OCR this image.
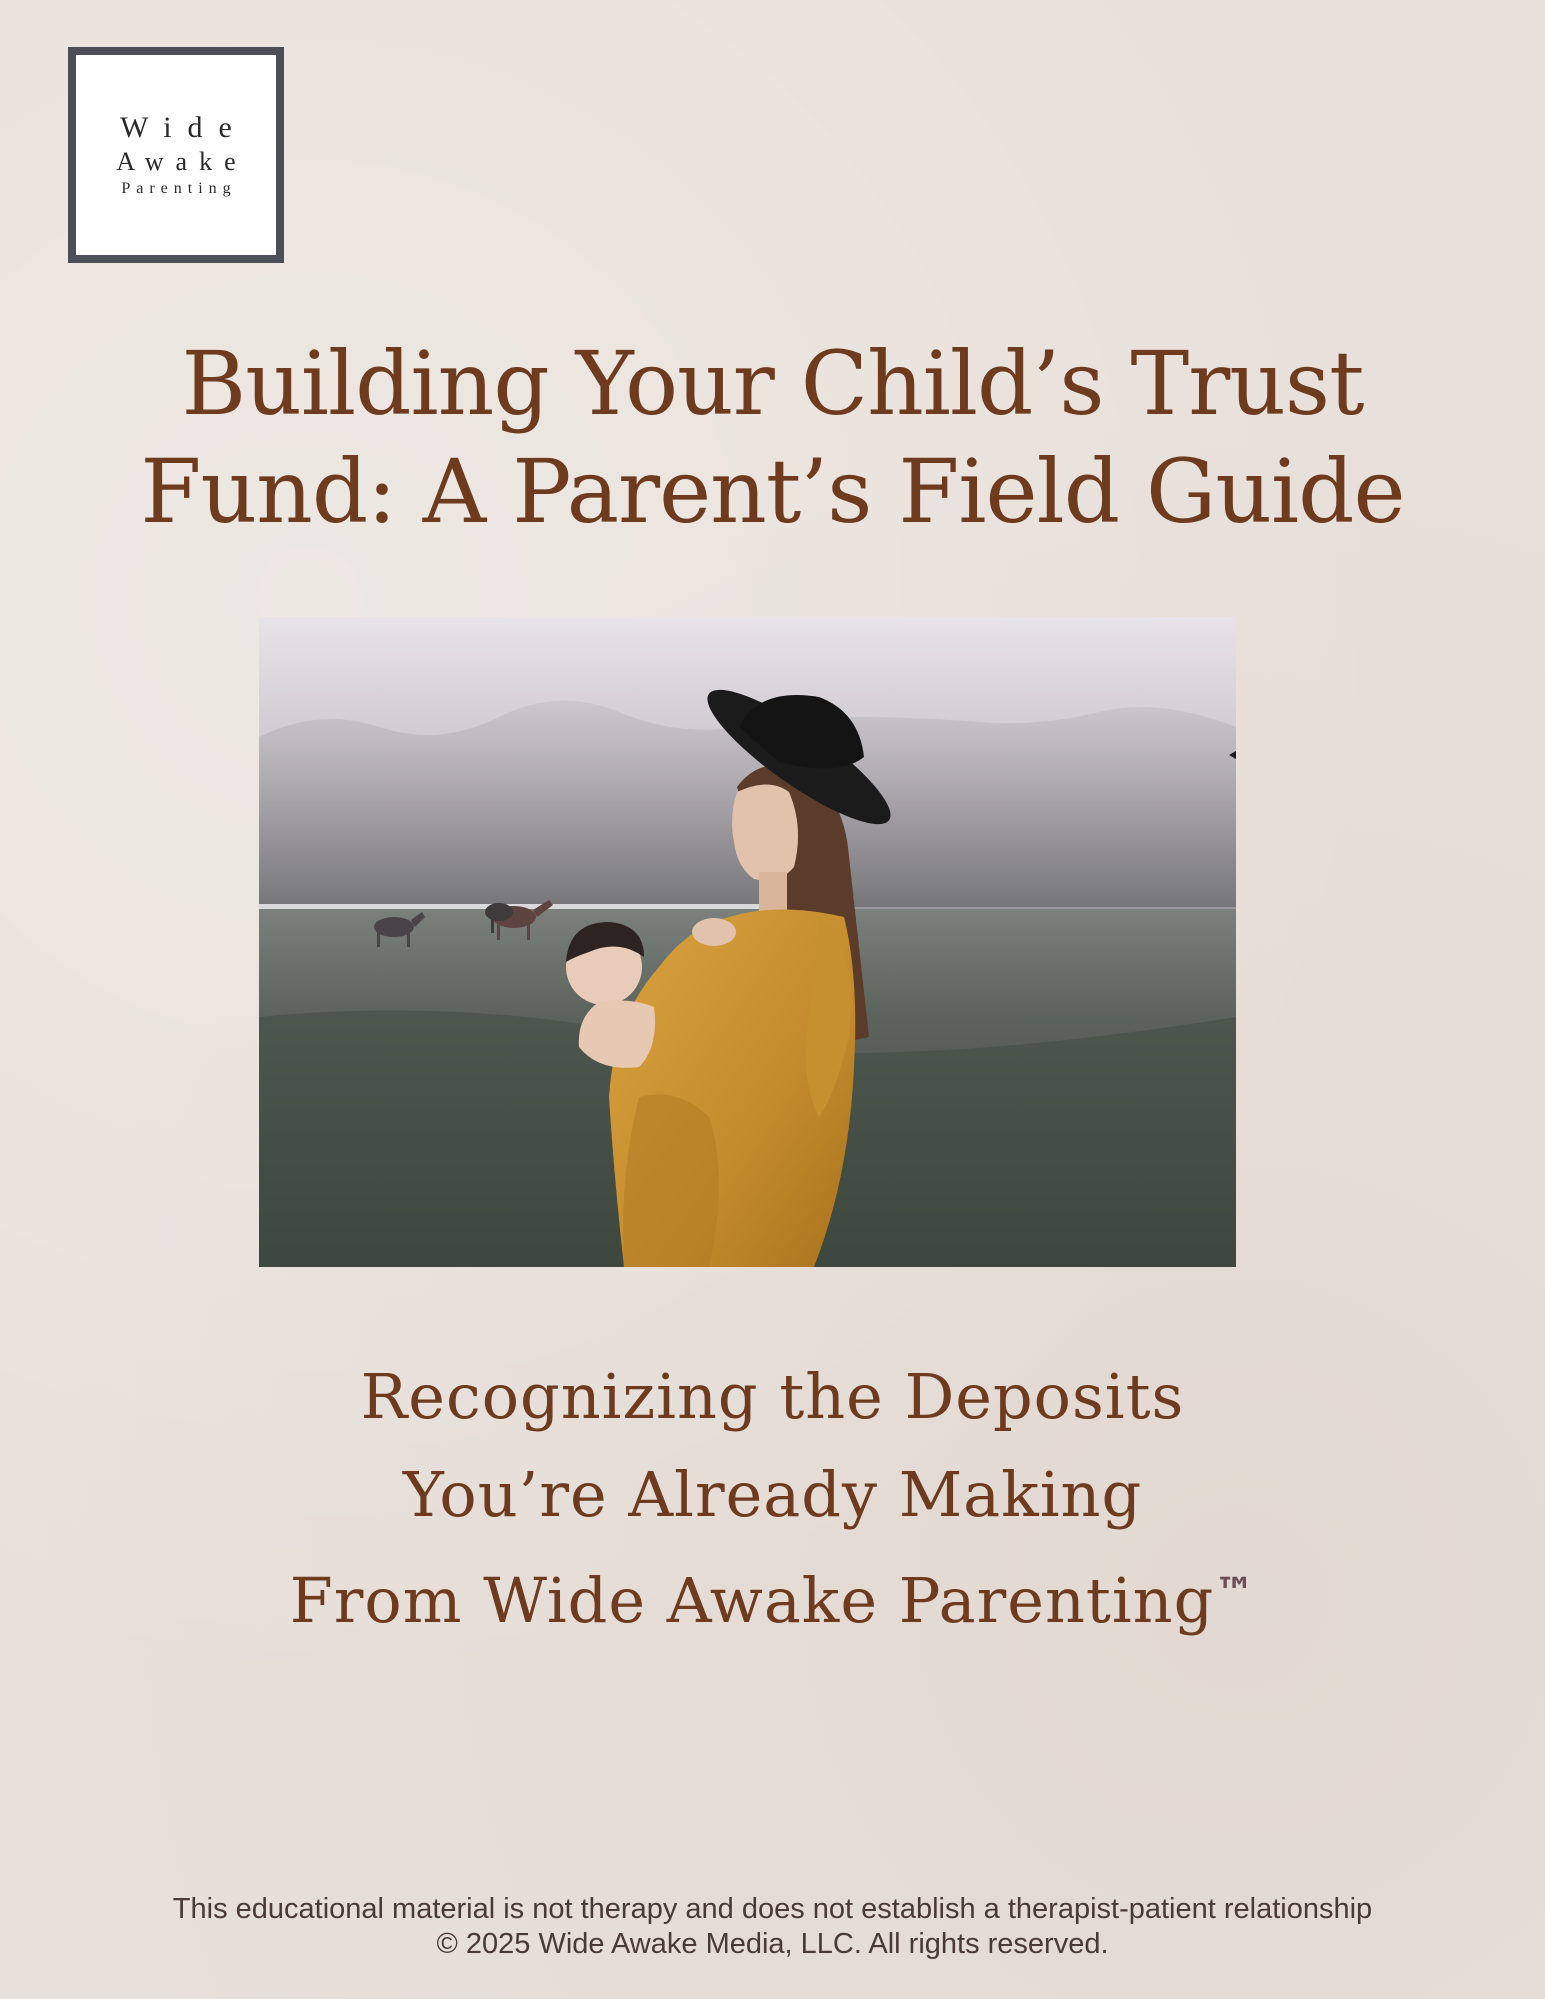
Wide
Awake
Parenting
Building Your Child’s Trust
Fund: A Parent’s Field Guide
Recognizing the Deposits
You’re Already Making
From Wide Awake Parenting™
This educational material is not therapy and does not establish a therapist-patient relationship
© 2025 Wide Awake Media, LLC. All rights reserved.
